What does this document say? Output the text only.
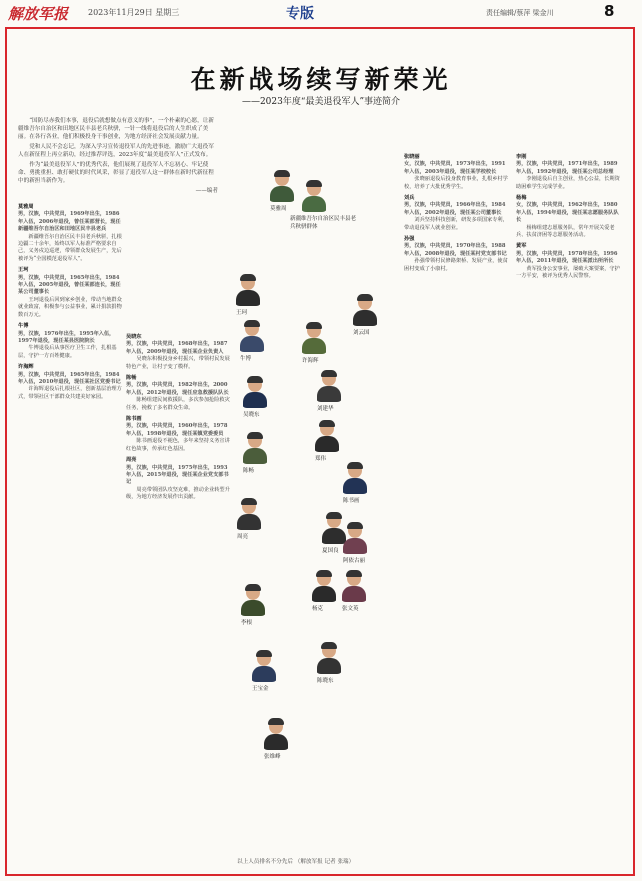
解放军报 2023年11月29日 星期三	专版	责任编辑/蔡萍 梁金川	8
在新战场续写新荣光
——2023年度“最美退役军人”事迹简介

“国防尽赤我们本事，退役后就想做点有意义的事”，一个朴素的心愿，让新疆维吾尔自治区和田地区民丰县老兵秋骈，一针一线将退役后的人生织成了美丽。在各行各业，他们积极投身干事创业，为地方经济社会发展贡献力量。

党和人民不会忘记，为深入学习宣传退役军人的先进事迹，激励广大退役军人在新征程上再立新功，经过推荐评选，2023年度“最美退役军人”正式发布。

作为“最美退役军人”的优秀代表，他们展现了退役军人不忘初心、牢记使命、勇挑重担、敢打硬仗的时代风采，彰显了退役军人这一群体在新时代新征程中的新担当新作为。

——编者

莫雅周
男，汉族，中共党员，1969年出生，1986年入伍，2006年退役，曾任某部营长，现任新疆维吾尔自治区和田地区民丰县老兵

新疆维吾尔自治区民丰县老兵秋骈，扎根边疆二十余年，始终以军人标准严格要求自己，义务戍边巡逻，带领群众发展生产，先后被评为“全国模范退役军人”。

王珂
男，汉族，中共党员，1965年出生，1984年入伍，2005年退役，曾任某部连长，现任某公司董事长

王珂退役后回到家乡创业，带动当地群众就业致富，积极参与公益事业，累计捐款捐物数百万元。

牛博
男，汉族，1976年出生，1995年入伍，1997年退役，现任某县医院院长

牛博退役后从事医疗卫生工作，扎根基层，守护一方百姓健康。

许海辉
男，汉族，中共党员，1965年出生，1984年入伍，2010年退役，现任某社区党委书记

许海辉退役后扎根社区，创新基层治理方式，带领社区干部群众共建美好家园。

吴晓东
男，汉族，中共党员，1968年出生，1987年入伍，2009年退役，现任某企业负责人

吴晓东积极投身乡村振兴，带领村民发展特色产业，让村子变了模样。

陈畅
男，汉族，中共党员，1982年出生，2000年入伍，2012年退役，现任应急救援队队长

陈畅组建民间救援队，多次参加抢险救灾任务，挽救了多名群众生命。

陈书画
男，汉族，中共党员，1960年出生，1978年入伍，1998年退役，现任某镇党委委员

陈书画退役不褪色，多年来坚持义务宣讲红色故事，传承红色基因。

周亮
男，汉族，中共党员，1975年出生，1993年入伍，2015年退役，现任某企业党支部书记

周亮带领团队攻坚克难，推动企业转型升级，为地方经济发展作出贡献。

张晓丽
女，汉族，中共党员，1973年出生，1991年入伍，2003年退役，现任某学校校长

张晓丽退役后投身教育事业，扎根乡村学校，培养了大批优秀学生。

刘兵
男，汉族，中共党员，1966年出生，1984年入伍，2002年退役，现任某公司董事长

刘兵坚持科技创新，研发多项国家专利，带动退役军人就业创业。

孙强
男，汉族，中共党员，1970年出生，1988年入伍，2008年退役，现任某村党支部书记

孙强带领村民修路架桥、发展产业，使贫困村变成了小康村。

李刚
男，汉族，中共党员，1971年出生，1989年入伍，1992年退役，现任某公司总经理

李刚退役后自主创业，热心公益，长期资助困难学生完成学业。

杨梅
女，汉族，中共党员，1962年出生，1980年入伍，1994年退役，现任某志愿服务队队长

杨梅组建志愿服务队，常年开展关爱老兵、扶贫济困等志愿服务活动。

黄军
男，汉族，中共党员，1978年出生，1996年入伍，2011年退役，现任某派出所所长

黄军投身公安事业，屡破大案要案，守护一方平安，被评为优秀人民警察。

莫雅周
新疆维吾尔自治区民丰县老兵秋骈群体
王珂
牛博	许海辉
刘云国
吴晓东
刘建华
陈畅
郑伟
陈书画
周亮
夏国良
阿依古丽
李根
杨克	张文英
王宝金
陈晓东
张维峰
以上人员排名不分先后 （解放军报 记者 张瑞）
